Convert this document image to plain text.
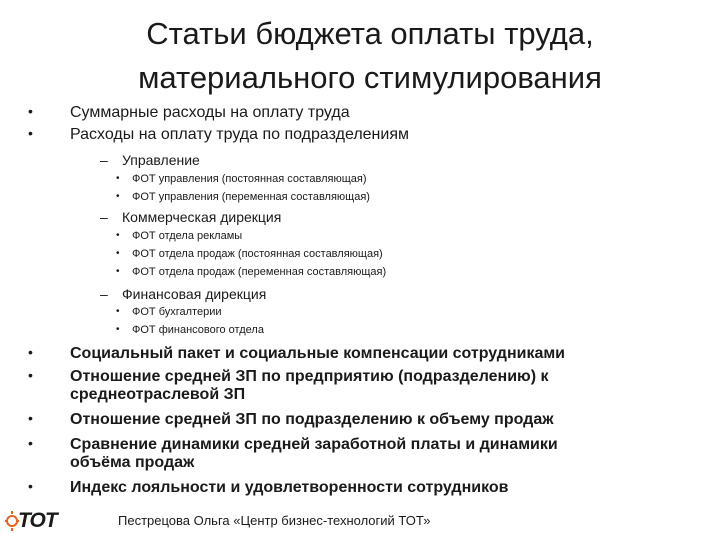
Статьи бюджета оплаты труда,
материального стимулирования
• Суммарные расходы на оплату труда
• Расходы на оплату труда по подразделениям
– Управление
• ФОТ управления (постоянная составляющая)
• ФОТ управления (переменная составляющая)
– Коммерческая дирекция
• ФОТ отдела рекламы
• ФОТ отдела продаж (постоянная составляющая)
• ФОТ отдела продаж (переменная составляющая)
– Финансовая дирекция
• ФОТ бухгалтерии
• ФОТ финансового отдела
• Социальный пакет и социальные компенсации сотрудниками
• Отношение средней ЗП по предприятию (подразделению) к
среднеотраслевой ЗП
• Отношение средней ЗП по подразделению к объему продаж
• Сравнение динамики средней заработной платы и динамики
объёма продаж
• Индекс лояльности и удовлетворенности сотрудников
ТОТ	Пестрецова Ольга «Центр бизнес-технологий ТОТ»
